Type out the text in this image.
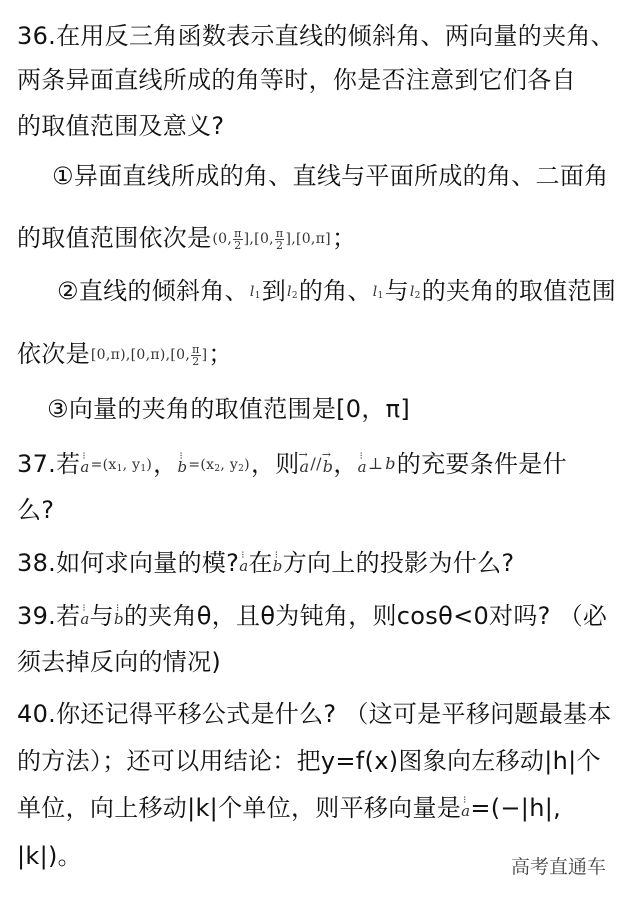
36.在用反三角函数表示直线的倾斜角、两向量的夹角、
两条异面直线所成的角等时，你是否注意到它们各自
的取值范围及意义?
①异面直线所成的角、直线与平面所成的角、二面角
的取值范围依次是(0, $\frac{\pi}{2} ],[0$, $\frac{\pi}{2} ],[0,\pi]$；
②直线的倾斜角、$l_1$到$l_2$的角、$l_1$与$l_2$的夹角的取值范围
依次是[0,π),[0,π),[0, $\frac{\pi}{2}$ ]；
③向量的夹角的取值范围是[0，π]
37.若⁝ $a=(x_1$, $y_1$)，⁝ $b=(x_2$, $y_2$)，则→ a//→ b，⁝ a⊥ b的充要条件是什
么?
38.如何求向量的模?⁝ a在⁝ b方向上的投影为什么?
39.若⁝ a与⁝ b的夹角θ，且θ为钝角，则cosθ<0对吗? （必
须去掉反向的情况)
40.你还记得平移公式是什么? （这可是平移问题最基本
的方法）；还可以用结论：把y=f(x)图象向左移动|h|个
单位，向上移动|k|个单位，则平移向量是⁝ a=(−|h|,
|k|)。	高考直通车
